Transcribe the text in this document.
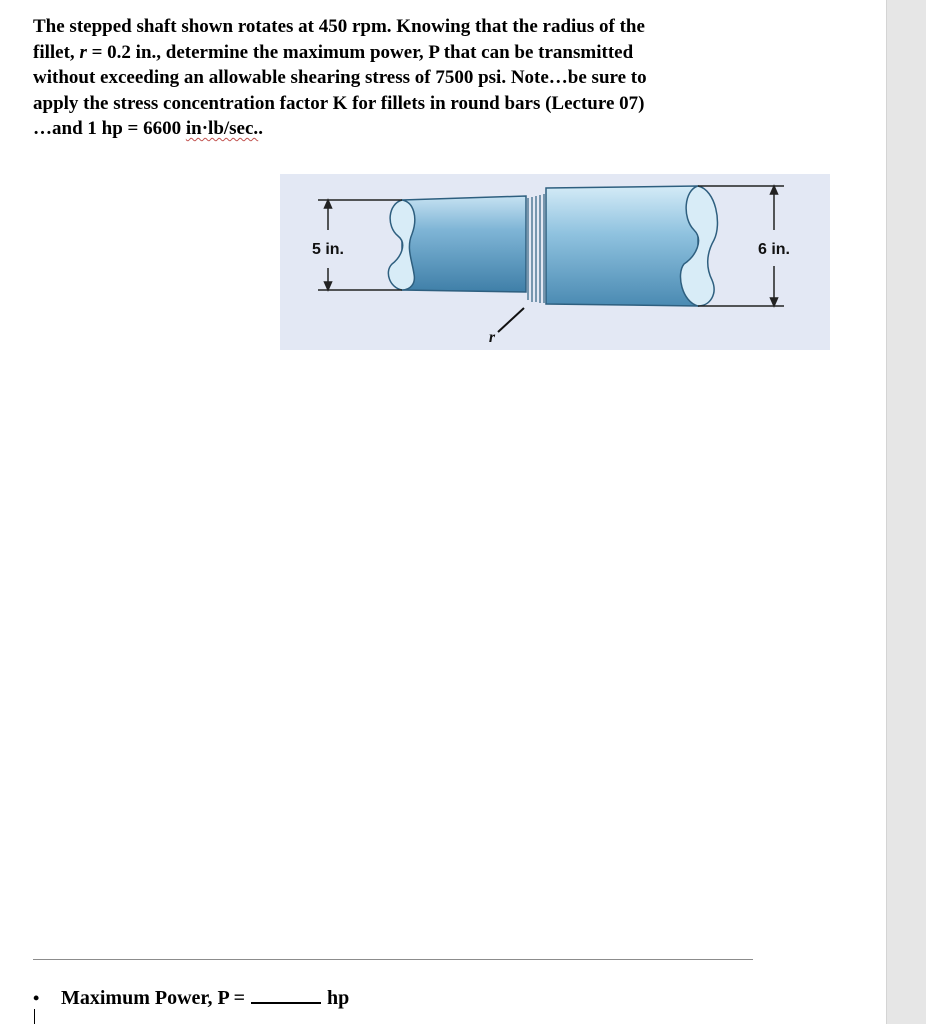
The stepped shaft shown rotates at 450 rpm. Knowing that the radius of the
fillet, r = 0.2 in., determine the maximum power, P that can be transmitted
without exceeding an allowable shearing stress of 7500 psi. Note…be sure to
apply the stress concentration factor K for fillets in round bars (Lecture 07)
…and 1 hp = 6600 in·lb/sec..
5 in.	6 in.
r
•	Maximum Power, P =	hp
